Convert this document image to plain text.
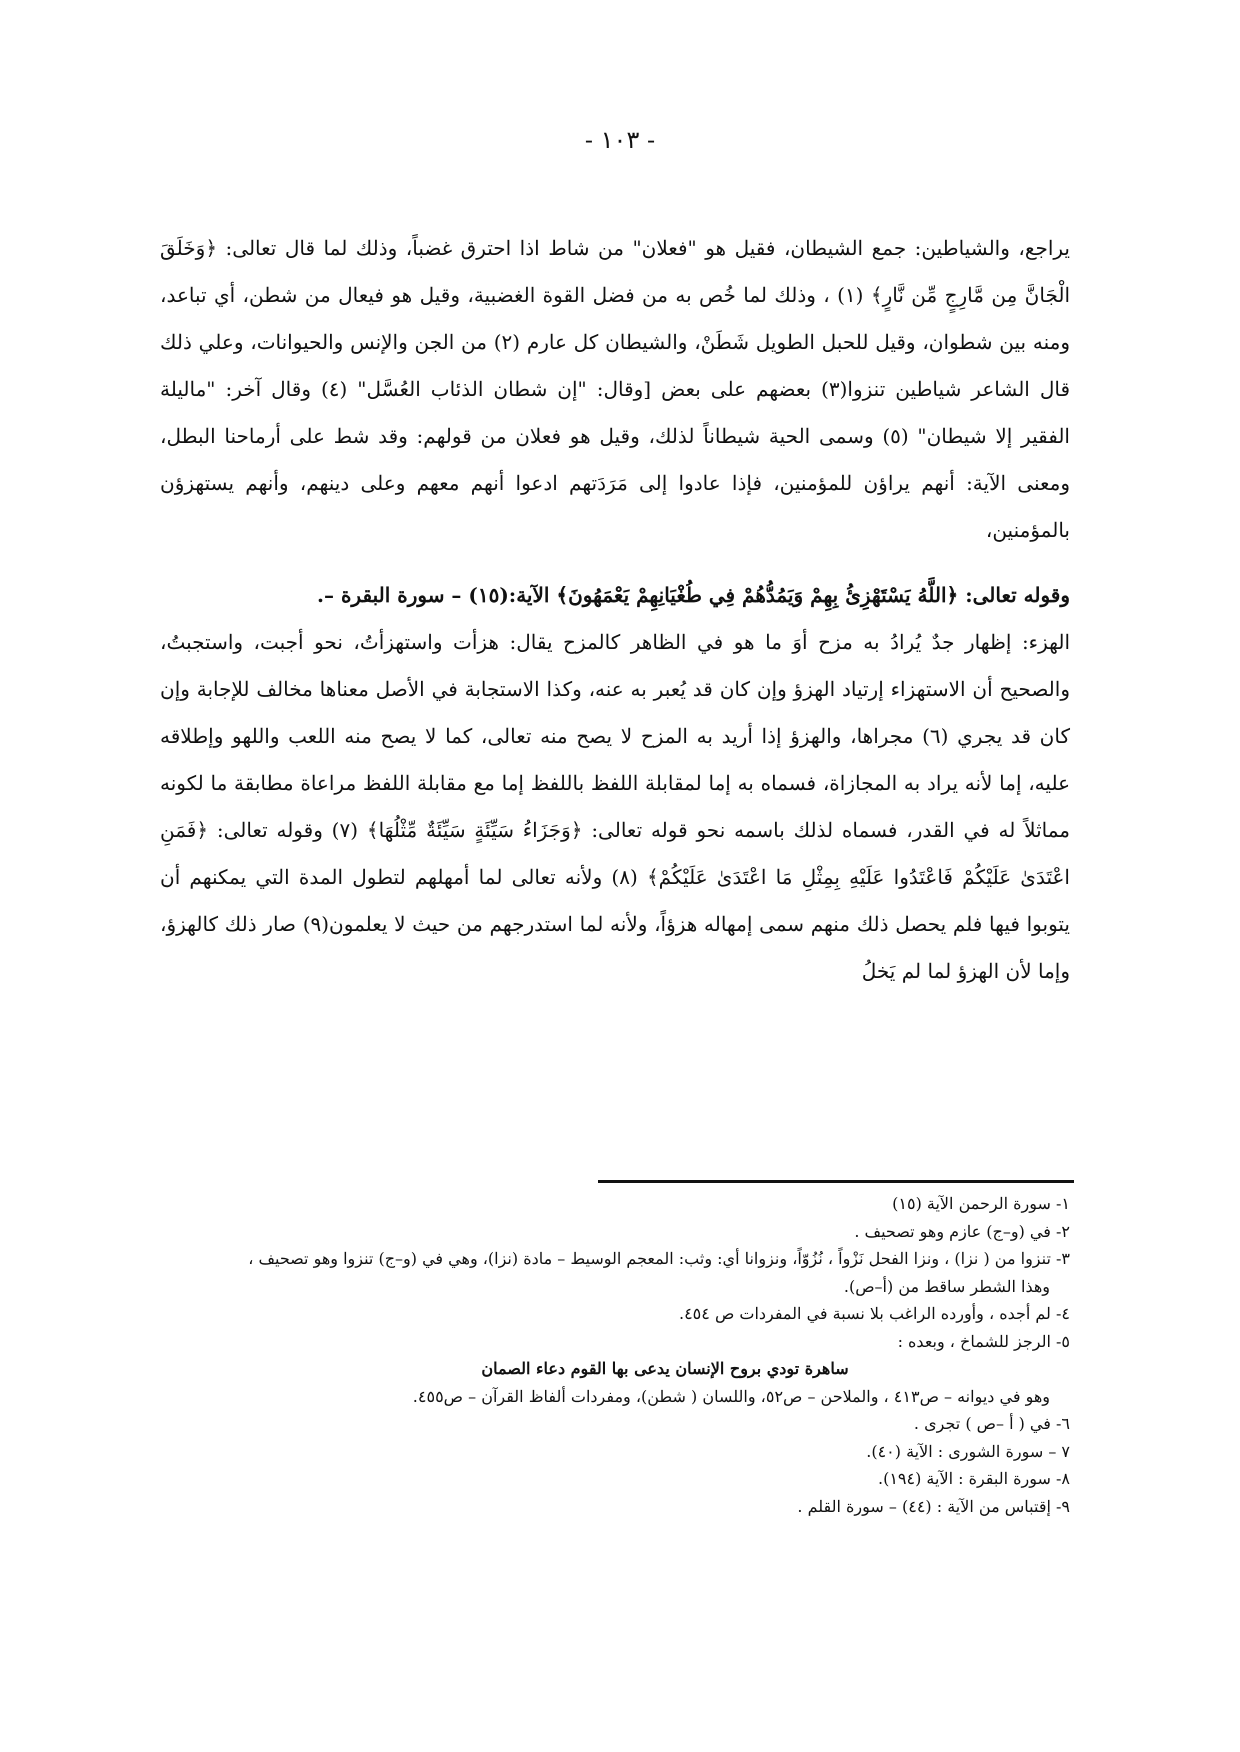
- ١٠٣ -

يراجع، والشياطين: جمع الشيطان، فقيل هو "فعلان" من شاط اذا احترق غضباً، وذلك لما قال تعالى: ﴿وَخَلَقَ الْجَانَّ مِن مَّارِجٍ مِّن نَّارٍ﴾ (١) ، وذلك لما خُص به من فضل القوة الغضبية، وقيل هو فيعال من شطن، أي تباعد، ومنه بين شطوان، وقيل للحبل الطويل شَطَنْ، والشيطان كل عارم (٢) من الجن والإنس والحيوانات، وعلي ذلك قال الشاعر شياطين تنزوا(٣) بعضهم على بعض [وقال: "إن شطان الذئاب العُسَّل" (٤) وقال آخر: "ماليلة الفقير إلا شيطان" (٥) وسمى الحية شيطاناً لذلك، وقيل هو فعلان من قولهم: وقد شط على أرماحنا البطل، ومعنى الآية: أنهم يراؤن للمؤمنين، فإذا عادوا إلى مَرَدَتهم ادعوا أنهم معهم وعلى دينهم، وأنهم يستهزؤن بالمؤمنين،

وقوله تعالى: ﴿اللَّهُ يَسْتَهْزِئُ بِهِمْ وَيَمُدُّهُمْ فِي طُغْيَانِهِمْ يَعْمَهُونَ﴾ الآية:(١٥) – سورة البقرة –.

الهزء: إظهار جدٌ يُرادُ به مزح أوَ ما هو في الظاهر كالمزح يقال: هزأت واستهزأتُ، نحو أجبت، واستجبتُ، والصحيح أن الاستهزاء إرتياد الهزؤ وإن كان قد يُعبر به عنه، وكذا الاستجابة في الأصل معناها مخالف للإجابة وإن كان قد يجري (٦) مجراها، والهزؤ إذا أريد به المزح لا يصح منه تعالى، كما لا يصح منه اللعب واللهو وإطلاقه عليه، إما لأنه يراد به المجازاة، فسماه به إما لمقابلة اللفظ باللفظ إما مع مقابلة اللفظ مراعاة مطابقة ما لكونه مماثلاً له في القدر، فسماه لذلك باسمه نحو قوله تعالى: ﴿وَجَزَاءُ سَيِّئَةٍ سَيِّئَةٌ مِّثْلُهَا﴾ (٧) وقوله تعالى: ﴿فَمَنِ اعْتَدَىٰ عَلَيْكُمْ فَاعْتَدُوا عَلَيْهِ بِمِثْلِ مَا اعْتَدَىٰ عَلَيْكُمْ﴾ (٨) ولأنه تعالى لما أمهلهم لتطول المدة التي يمكنهم أن يتوبوا فيها فلم يحصل ذلك منهم سمى إمهاله هزؤاً، ولأنه لما استدرجهم من حيث لا يعلمون(٩) صار ذلك كالهزؤ، وإما لأن الهزؤ لما لم يَخلُ

١- سورة الرحمن الآية (١٥)
٢- في (و–ج) عازم وهو تصحيف .
٣- تنزوا من ( نزا) ، ونزا الفحل نَزْواً ، نُزُوّاً، ونزوانا أي: وثب: المعجم الوسيط – مادة (نزا)، وهي في (و–ج) تنزوا وهو تصحيف ،
وهذا الشطر ساقط من (أ–ص).
٤- لم أجده ، وأورده الراغب بلا نسبة في المفردات ص ٤٥٤.
٥- الرجز للشماخ ، وبعده :
ساهرة تودي بروح الإنسان يدعى بها القوم دعاء الصمان
وهو في ديوانه – ص٤١٣ ، والملاحن – ص٥٢، واللسان ( شطن)، ومفردات ألفاظ القرآن – ص٤٥٥.
٦- في ( أ –ص ) تجرى .
٧ – سورة الشورى : الآية (٤٠).
٨- سورة البقرة : الآية (١٩٤).
٩- إقتباس من الآية : (٤٤) – سورة القلم .
